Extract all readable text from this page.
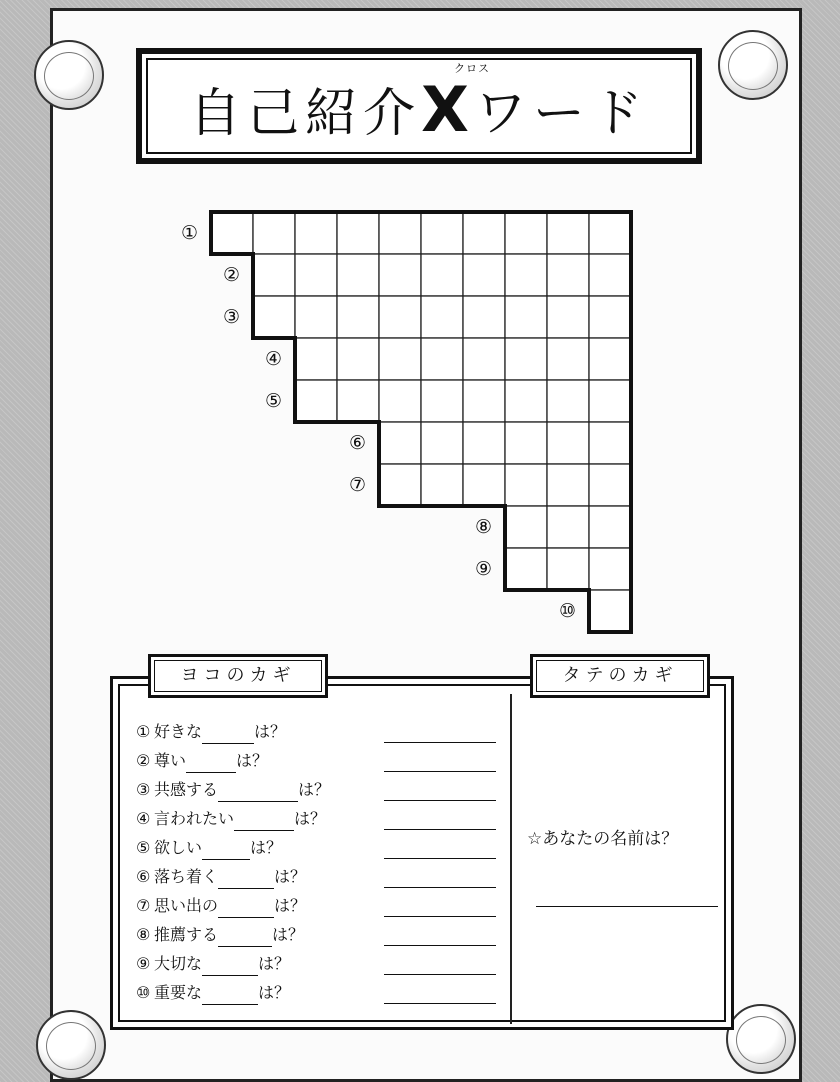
自己紹介Xワード
クロス
①
②
③
④
⑤
⑥
⑦
⑧
⑨
⑩
ヨコのカギ	タテのカギ
① 好きな	は？
② 尊い	は？
③ 共感する	は？
④ 言われたい	は？
⑤ 欲しい	は？
⑥ 落ち着く	は？
⑦ 思い出の	は？
⑧ 推薦する	は？
⑨ 大切な	は？
⑩ 重要な	は？
☆あなたの名前は？
